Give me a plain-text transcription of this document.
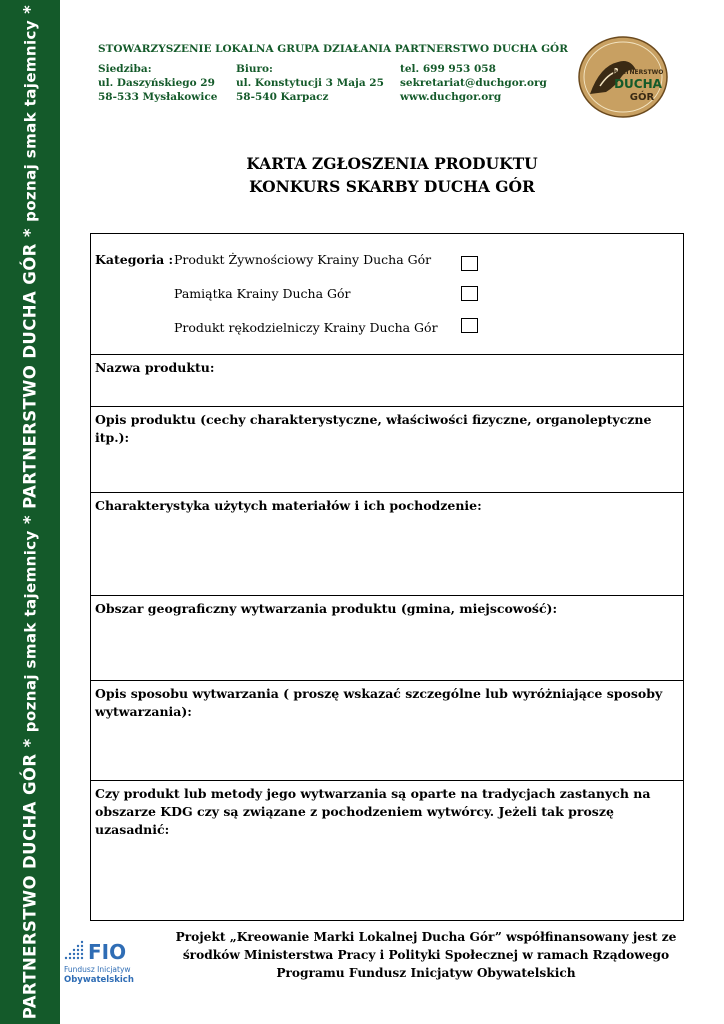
PARTNERSTWO DUCHA GÓR * poznaj smak tajemnicy * PARTNERSTWO DUCHA GÓR * poznaj smak tajemnicy *
STOWARZYSZENIE LOKALNA GRUPA DZIAŁANIA PARTNERSTWO DUCHA GÓR
Siedziba:
ul. Daszyńskiego 29
58-533 Mysłakowice
Biuro:
ul. Konstytucji 3 Maja 25
58-540 Karpacz
tel. 699 953 058
sekretariat@duchgor.org
www.duchgor.org
PARTNERSTWO
DUCHA
GÓR
KARTA ZGŁOSZENIA PRODUKTU
KONKURS SKARBY DUCHA GÓR
Kategoria : Produkt Żywnościowy Krainy Ducha Gór
Pamiątka Krainy Ducha Gór
Produkt rękodzielniczy Krainy Ducha Gór
Nazwa produktu:
Opis produktu (cechy charakterystyczne, właściwości fizyczne, organoleptyczne itp.):
Charakterystyka użytych materiałów i ich pochodzenie:
Obszar geograficzny wytwarzania produktu (gmina, miejscowość):
Opis sposobu wytwarzania ( proszę wskazać szczególne lub wyróżniające sposoby wytwarzania):
Czy produkt lub metody jego wytwarzania są oparte na tradycjach zastanych na obszarze KDG czy są związane z pochodzeniem wytwórcy. Jeżeli tak proszę uzasadnić:
FIO
Fundusz Inicjatyw
Obywatelskich
Projekt „Kreowanie Marki Lokalnej Ducha Gór” współfinansowany jest ze
środków Ministerstwa Pracy i Polityki Społecznej w ramach Rządowego
Programu Fundusz Inicjatyw Obywatelskich
